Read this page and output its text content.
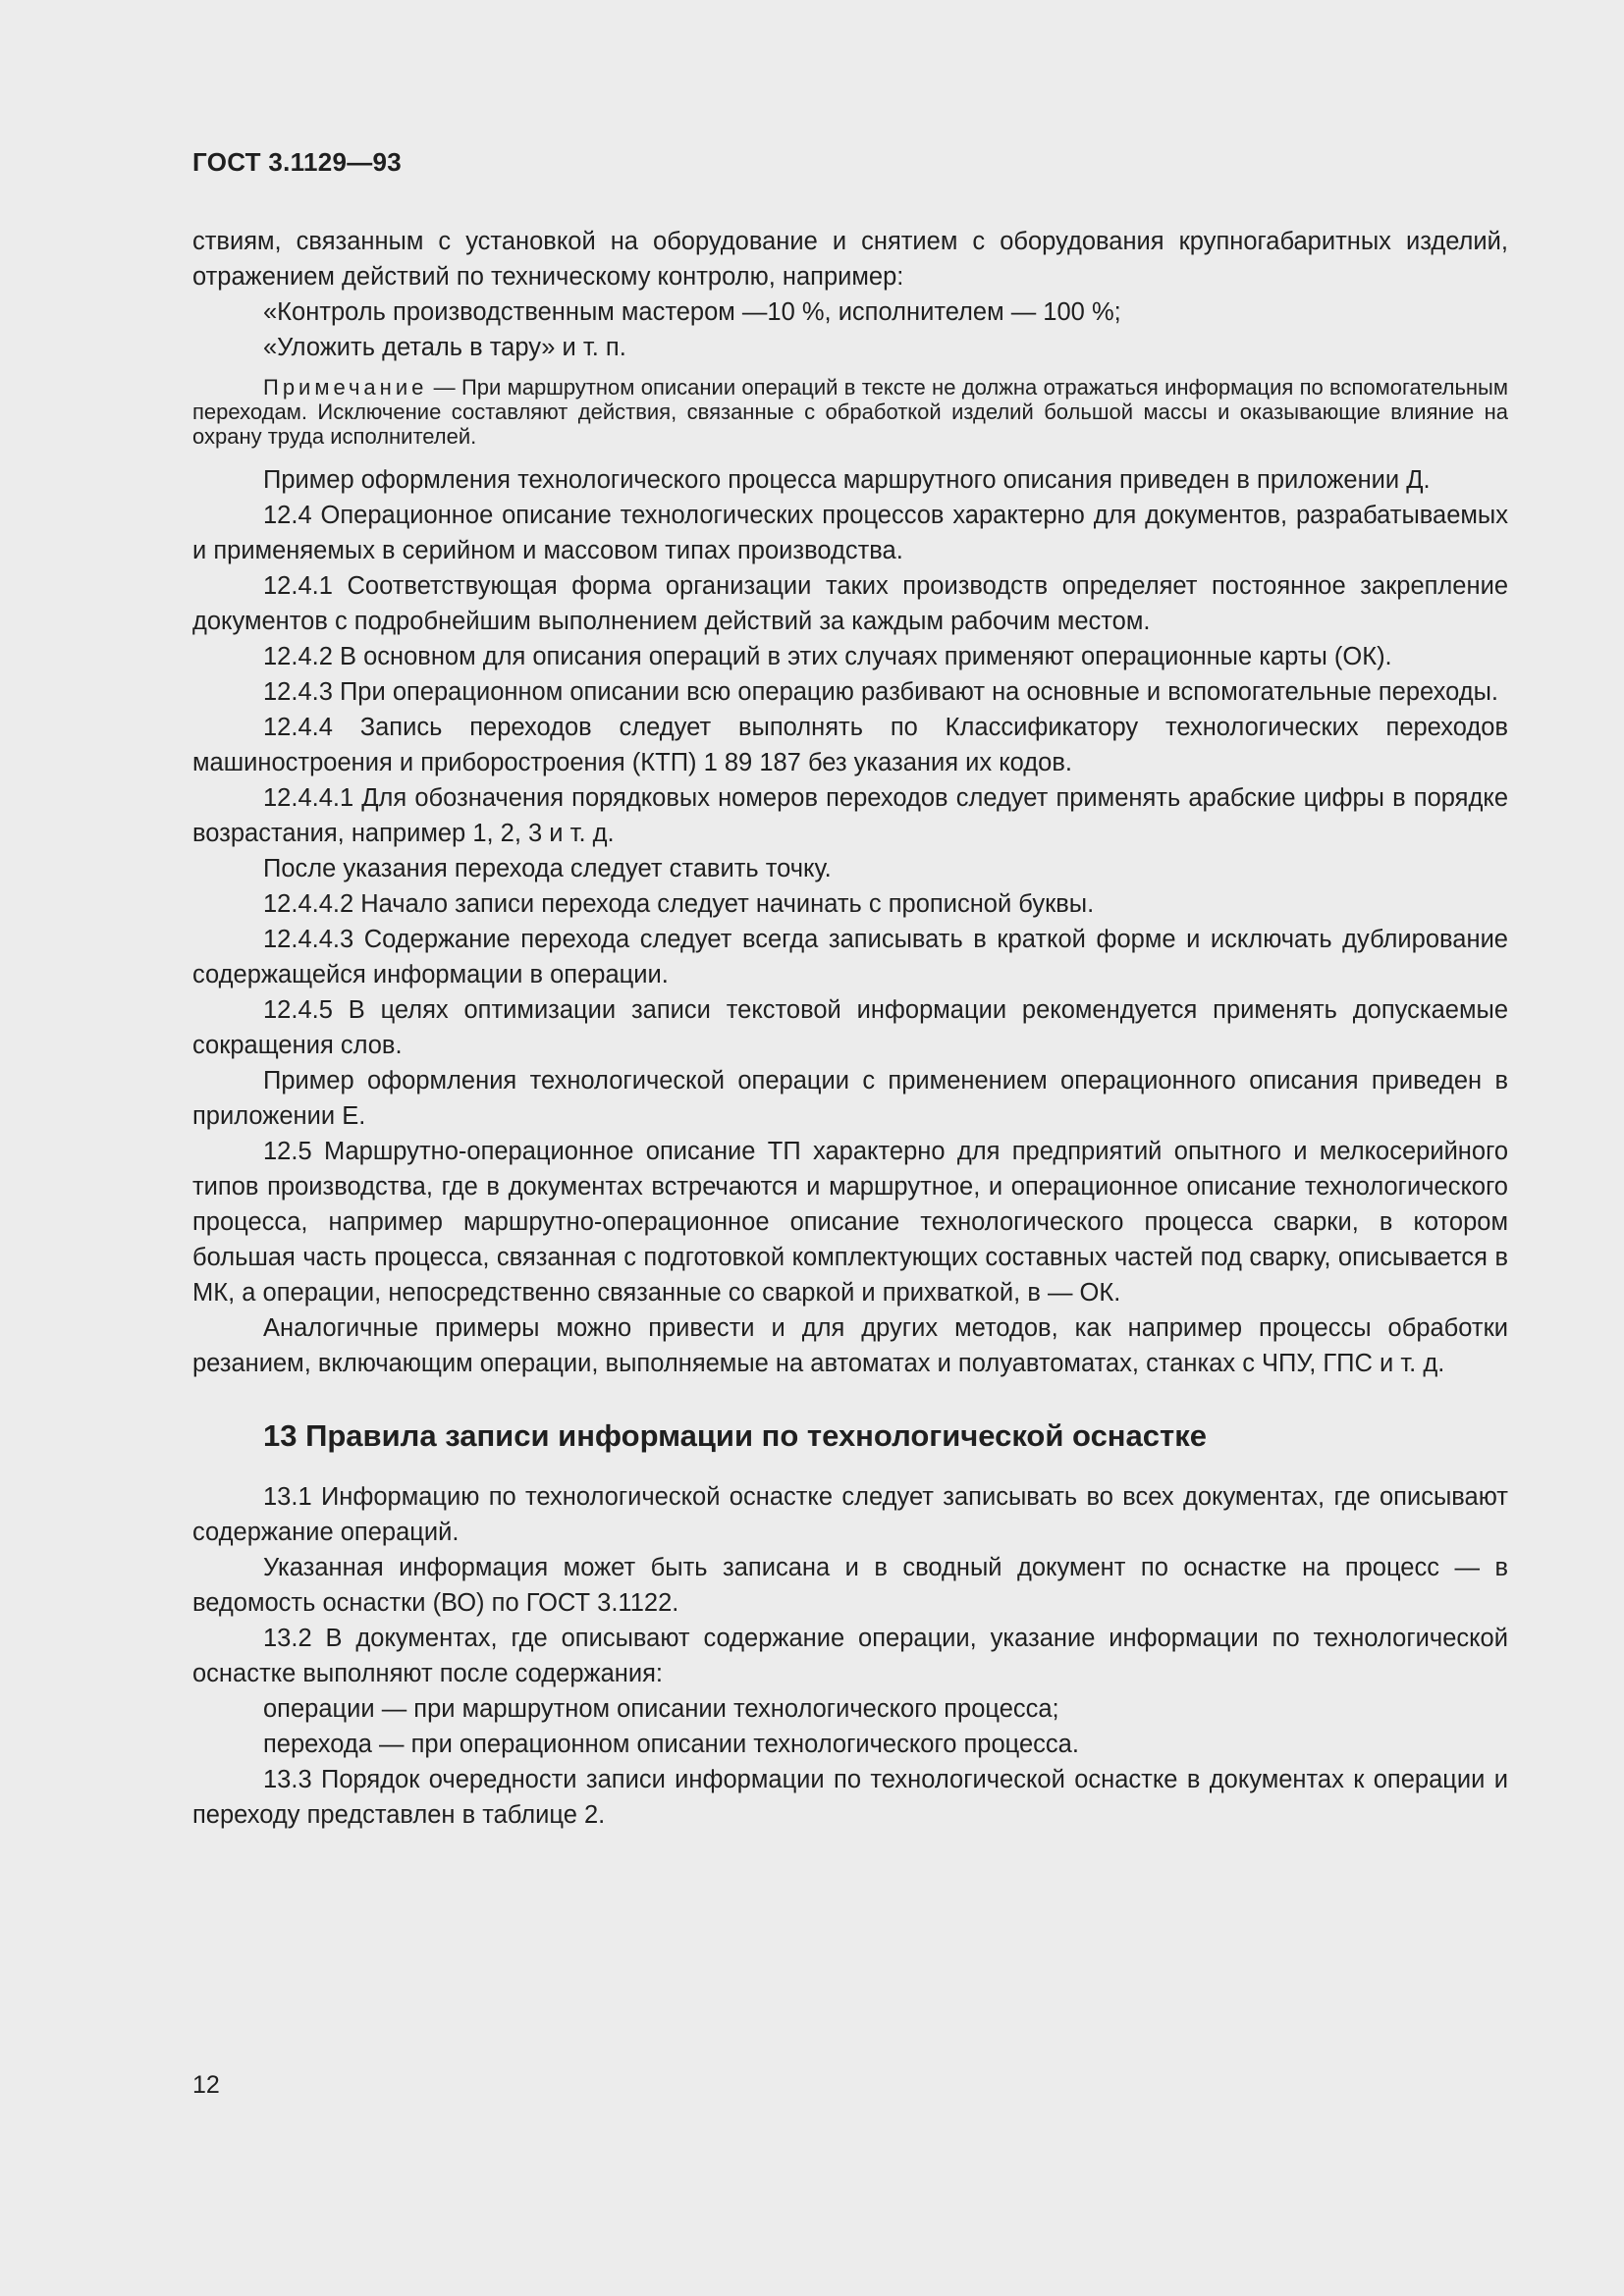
ГОСТ 3.1129—93

ствиям, связанным с установкой на оборудование и снятием с оборудования крупногабаритных изделий, отражением действий по техническому контролю, например:

«Контроль производственным мастером —10 %, исполнителем — 100 %;

«Уложить деталь в тару» и т. п.

Примечание — При маршрутном описании операций в тексте не должна отражаться информация по вспомогательным переходам. Исключение составляют действия, связанные с обработкой изделий большой массы и оказывающие влияние на охрану труда исполнителей.

Пример оформления технологического процесса маршрутного описания приведен в приложении Д.

12.4 Операционное описание технологических процессов характерно для документов, разрабатываемых и применяемых в серийном и массовом типах производства.

12.4.1 Соответствующая форма организации таких производств определяет постоянное закрепление документов с подробнейшим выполнением действий за каждым рабочим местом.

12.4.2 В основном для описания операций в этих случаях применяют операционные карты (ОК).

12.4.3 При операционном описании всю операцию разбивают на основные и вспомогательные переходы.

12.4.4 Запись переходов следует выполнять по Классификатору технологических переходов машиностроения и приборостроения (КТП) 1 89 187 без указания их кодов.

12.4.4.1 Для обозначения порядковых номеров переходов следует применять арабские цифры в порядке возрастания, например 1, 2, 3 и т. д.

После указания перехода следует ставить точку.

12.4.4.2 Начало записи перехода следует начинать с прописной буквы.

12.4.4.3 Содержание перехода следует всегда записывать в краткой форме и исключать дублирование содержащейся информации в операции.

12.4.5 В целях оптимизации записи текстовой информации рекомендуется применять допускаемые сокращения слов.

Пример оформления технологической операции с применением операционного описания приведен в приложении Е.

12.5 Маршрутно-операционное описание ТП характерно для предприятий опытного и мелкосерийного типов производства, где в документах встречаются и маршрутное, и операционное описание технологического процесса, например маршрутно-операционное описание технологического процесса сварки, в котором большая часть процесса, связанная с подготовкой комплектующих составных частей под сварку, описывается в МК, а операции, непосредственно связанные со сваркой и прихваткой, в — ОК.

Аналогичные примеры можно привести и для других методов, как например процессы обработки резанием, включающим операции, выполняемые на автоматах и полуавтоматах, станках с ЧПУ, ГПС и т. д.

13 Правила записи информации по технологической оснастке

13.1 Информацию по технологической оснастке следует записывать во всех документах, где описывают содержание операций.

Указанная информация может быть записана и в сводный документ по оснастке на процесс — в ведомость оснастки (ВО) по ГОСТ 3.1122.

13.2 В документах, где описывают содержание операции, указание информации по технологической оснастке выполняют после содержания:

операции — при маршрутном описании технологического процесса;

перехода — при операционном описании технологического процесса.

13.3 Порядок очередности записи информации по технологической оснастке в документах к операции и переходу представлен в таблице 2.

12
